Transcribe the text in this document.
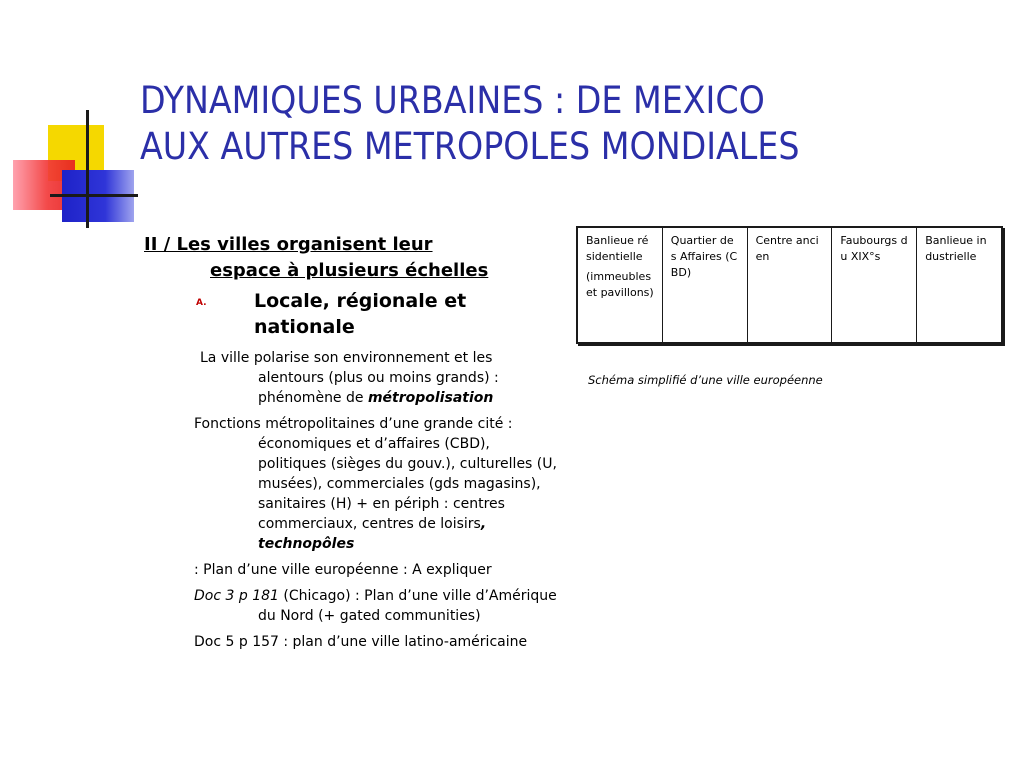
DYNAMIQUES URBAINES : DE MEXICO
AUX AUTRES METROPOLES MONDIALES

II / Les villes organisent leur
espace à plusieurs échelles

A. Locale, régionale et nationale

La ville polarise son environnement et les alentours (plus ou moins grands) : phénomène de métropolisation

Fonctions métropolitaines d’une grande cité : économiques et d’affaires (CBD), politiques (sièges du gouv.), culturelles (U, musées), commerciales (gds magasins), sanitaires (H) + en périph : centres commerciaux, centres de loisirs, technopôles

: Plan d’une ville européenne : A expliquer

Doc 3 p 181 (Chicago) : Plan d’une ville d’Amérique du Nord (+ gated communities)

Doc 5 p 157 : plan d’une ville latino-américaine

Banlieue résidentielle
(immeubles et pavillons)
Quartier des Affaires (CBD)
Centre ancien
Faubourgs du XIX°s
Banlieue industrielle
Schéma simplifié d’une ville européenne
